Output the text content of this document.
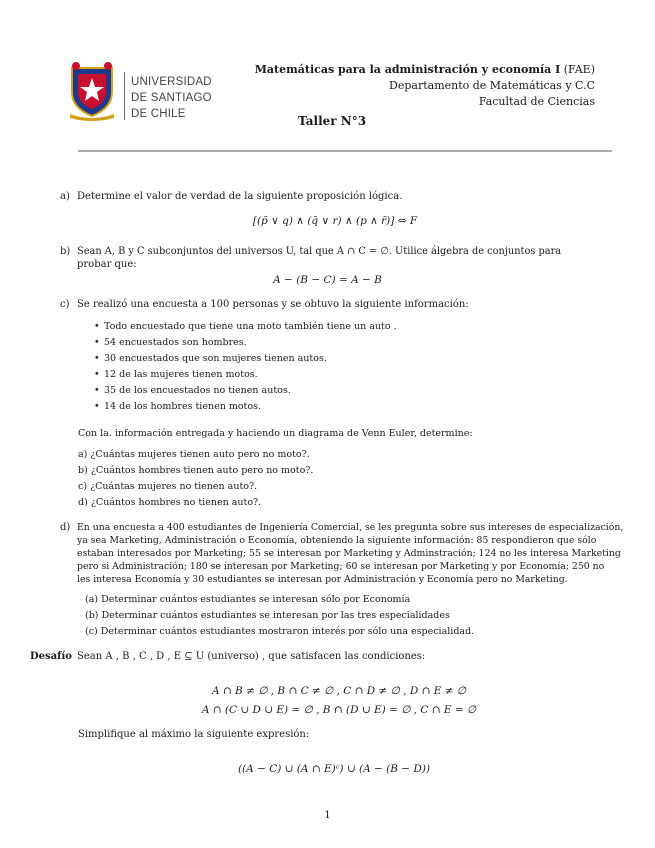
UNIVERSIDAD
DE SANTIAGO
DE CHILE
Matemáticas para la administración y economía I (FAE)
Departamento de Matemáticas y C.C
Facultad de Ciencias
Taller N°3
a) Determine el valor de verdad de la siguiente proposición lógica.
[(p̄ ∨ q) ∧ (q̄ ∨ r) ∧ (p ∧ r̄)] ⇔ F
b) Sean A, B y C subconjuntos del universos U, tal que A ∩ C = ∅. Utilice álgebra de conjuntos para
probar que:
A − (B − C) = A − B
c) Se realizó una encuesta a 100 personas y se obtuvo la siguiente información:
• Todo encuestado que tiene una moto también tiene un auto .
• 54 encuestados son hombres.
• 30 encuestados que son mujeres tienen autos.
• 12 de las mujeres tienen motos.
• 35 de los encuestados no tienen autos.
• 14 de los hombres tienen motos.
Con la. información entregada y haciendo un diagrama de Venn Euler, determine:
a) ¿Cuántas mujeres tienen auto pero no moto?.
b) ¿Cuántos hombres tienen auto pero no moto?.
c) ¿Cuántas mujeres no tienen auto?.
d) ¿Cuántos hombres no tienen auto?.
d) En una encuesta a 400 estudiantes de Ingeniería Comercial, se les pregunta sobre sus intereses de especialización,
ya sea Marketing, Administración o Economía, obteniendo la siguiente información: 85 respondieron que sólo
estaban interesados por Marketing; 55 se interesan por Marketing y Adminstración; 124 no les interesa Marketing
pero si Administración; 180 se interesan por Marketing; 60 se interesan por Marketing y por Economía; 250 no
les interesa Economía y 30 estudiantes se interesan por Administración y Economía pero no Marketing.
(a) Determinar cuántos estudiantes se interesan sólo por Economía
(b) Determinar cuántos estudiantes se interesan por las tres especialidades
(c) Determinar cuántos estudiantes mostraron interés por sólo una especialidad.
Desafío Sean A , B , C , D , E ⊆ U (universo) , que satisfacen las condiciones:
A ∩ B ≠ ∅ , B ∩ C ≠ ∅ , C ∩ D ≠ ∅ , D ∩ E ≠ ∅
A ∩ (C ∪ D ∪ E) = ∅ , B ∩ (D ∪ E) = ∅ , C ∩ E = ∅
Simplifique al máximo la siguiente expresión:
((A − C) ∪ (A ∩ E)ᶜ) ∪ (A − (B − D))
1
